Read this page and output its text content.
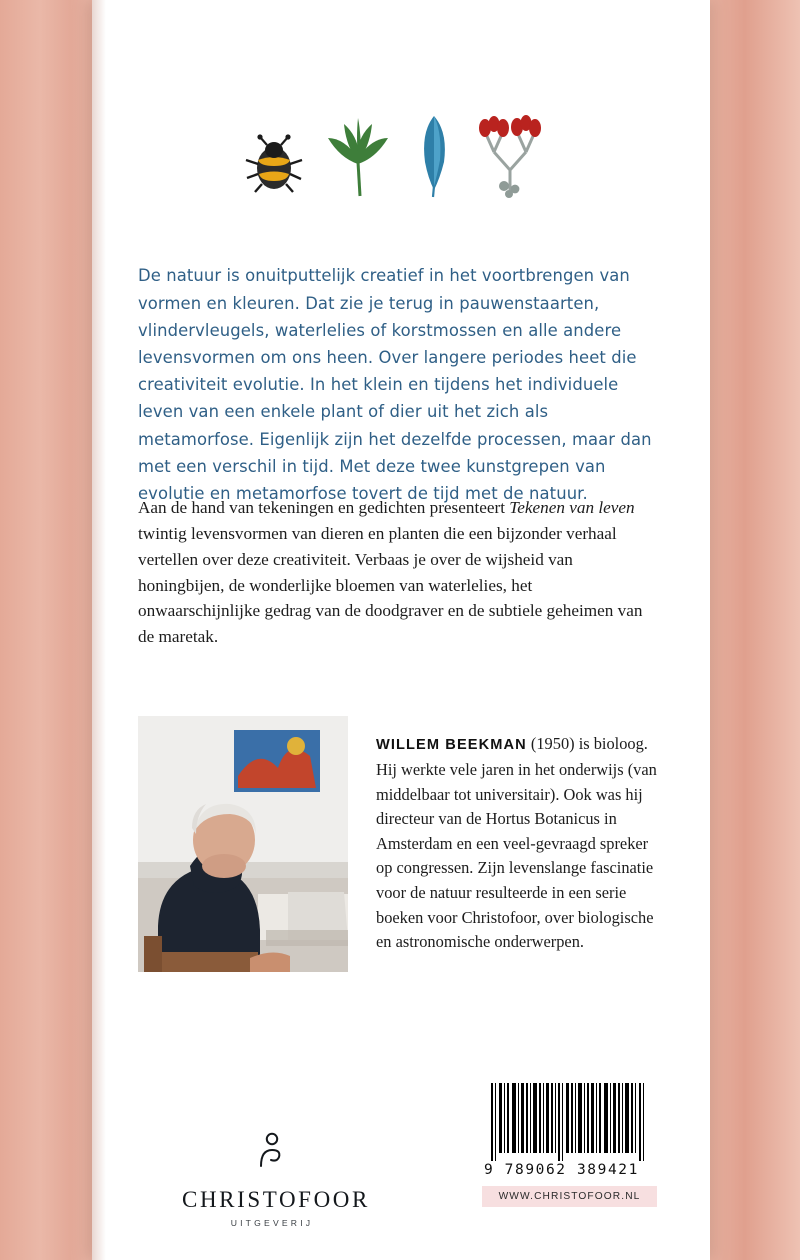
De natuur is onuitputtelijk creatief in het voortbrengen van vormen en kleuren. Dat zie je terug in pauwenstaarten, vlindervleugels, waterlelies of korstmossen en alle andere levensvormen om ons heen. Over langere periodes heet die creativiteit evolutie. In het klein en tijdens het individuele leven van een enkele plant of dier uit het zich als metamorfose. Eigenlijk zijn het dezelfde processen, maar dan met een verschil in tijd. Met deze twee kunstgrepen van evolutie en metamorfose tovert de tijd met de natuur.

Aan de hand van tekeningen en gedichten presenteert Tekenen van leven twintig levensvormen van dieren en planten die een bijzonder verhaal vertellen over deze creativiteit. Verbaas je over de wijsheid van honingbijen, de wonderlijke bloemen van waterlelies, het onwaarschijnlijke gedrag van de doodgraver en de subtiele geheimen van de maretak.

WILLEM BEEKMAN (1950) is bioloog. Hij werkte vele jaren in het onderwijs (van middelbaar tot universitair). Ook was hij directeur van de Hortus Botanicus in Amsterdam en een veel-gevraagd spreker op congressen. Zijn levenslange fascinatie voor de natuur resulteerde in een serie boeken voor Christofoor, over biologische en astronomische onderwerpen.

CHRISTOFOOR
UITGEVERIJ
9 789062 389421
WWW.CHRISTOFOOR.NL
